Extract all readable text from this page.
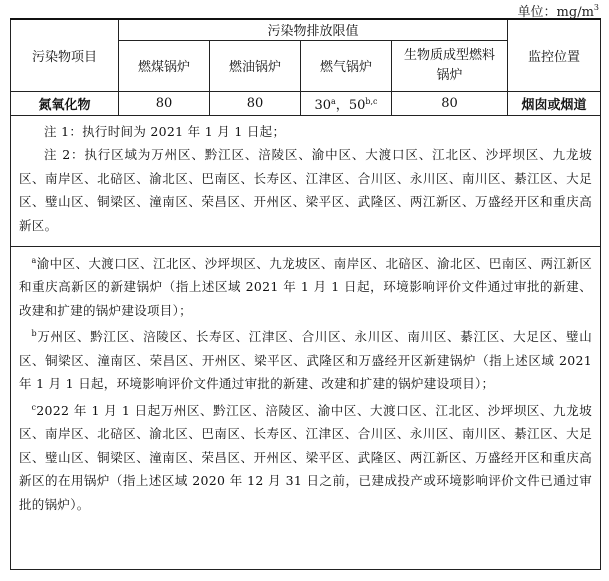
单位：$mg/m^3$
污染物项目	污染物排放限值				监控位置
	燃煤锅炉	燃油锅炉	燃气锅炉	生物质成型燃料锅炉	
氮氧化物	80	80	30$^a$，50$^{b,c}$	80	烟囱或烟道

注 1：执行时间为 2021 年 1 月 1 日起；

注 2：执行区域为万州区、黔江区、涪陵区、渝中区、大渡口区、江北区、沙坪坝区、九龙坡区、南岸区、北碚区、渝北区、巴南区、长寿区、江津区、合川区、永川区、南川区、綦江区、大足区、璧山区、铜梁区、潼南区、荣昌区、开州区、梁平区、武隆区、两江新区、万盛经开区和重庆高新区。					

$^a$渝中区、大渡口区、江北区、沙坪坝区、九龙坡区、南岸区、北碚区、渝北区、巴南区、两江新区和重庆高新区的新建锅炉（指上述区域 2021 年 1 月 1 日起，环境影响评价文件通过审批的新建、改建和扩建的锅炉建设项目）；

$^b$万州区、黔江区、涪陵区、长寿区、江津区、合川区、永川区、南川区、綦江区、大足区、璧山区、铜梁区、潼南区、荣昌区、开州区、梁平区、武隆区和万盛经开区新建锅炉（指上述区域 2021 年 1 月 1 日起，环境影响评价文件通过审批的新建、改建和扩建的锅炉建设项目）；

$^c$2022 年 1 月 1 日起万州区、黔江区、涪陵区、渝中区、大渡口区、江北区、沙坪坝区、九龙坡区、南岸区、北碚区、渝北区、巴南区、长寿区、江津区、合川区、永川区、南川区、綦江区、大足区、璧山区、铜梁区、潼南区、荣昌区、开州区、梁平区、武隆区、两江新区、万盛经开区和重庆高新区的在用锅炉（指上述区域 2020 年 12 月 31 日之前，已建成投产或环境影响评价文件已通过审批的锅炉）。					
